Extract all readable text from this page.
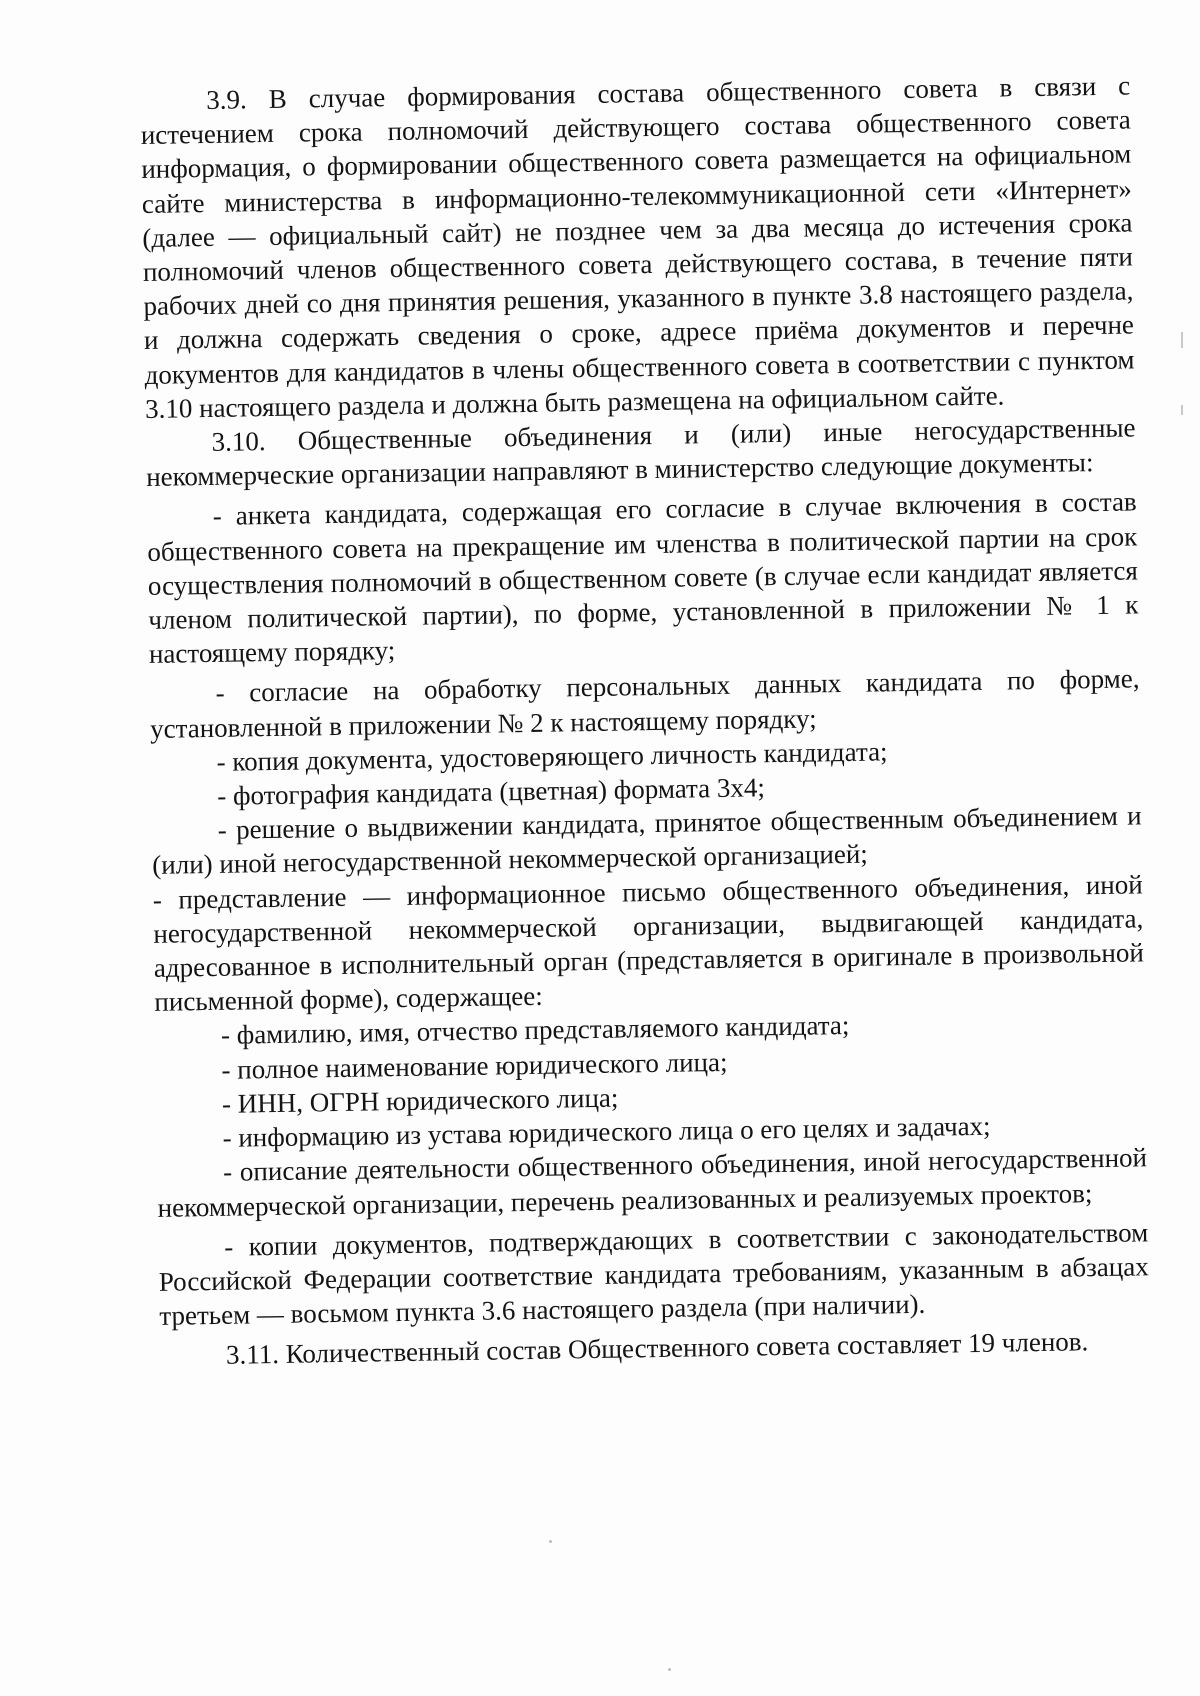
3.9. В случае формирования состава общественного совета в связи с истечением срока полномочий действующего состава общественного совета информация, о формировании общественного совета размещается на официальном сайте министерства в информационно-телекоммуникационной сети «Интернет» (далее — официальный сайт) не позднее чем за два месяца до истечения срока полномочий членов общественного совета действующего состава, в течение пяти рабочих дней со дня принятия решения, указанного в пункте 3.8 настоящего раздела, и должна содержать сведения о сроке, адресе приёма документов и перечне документов для кандидатов в члены общественного совета в соответствии с пунктом 3.10 настоящего раздела и должна быть размещена на официальном сайте.

3.10. Общественные объединения и (или) иные негосударственные некоммерческие организации направляют в министерство следующие документы:

- анкета кандидата, содержащая его согласие в случае включения в состав общественного совета на прекращение им членства в политической партии на срок осуществления полномочий в общественном совете (в случае если кандидат является членом политической партии), по форме, установленной в приложении № 1 к настоящему порядку;

- согласие на обработку персональных данных кандидата по форме, установленной в приложении № 2 к настоящему порядку;

- копия документа, удостоверяющего личность кандидата;

- фотография кандидата (цветная) формата 3х4;

- решение о выдвижении кандидата, принятое общественным объединением и (или) иной негосударственной некоммерческой организацией;

- представление — информационное письмо общественного объединения, иной негосударственной некоммерческой организации, выдвигающей кандидата, адресованное в исполнительный орган (представляется в оригинале в произвольной письменной форме), содержащее:

- фамилию, имя, отчество представляемого кандидата;

- полное наименование юридического лица;

- ИНН, ОГРН юридического лица;

- информацию из устава юридического лица о его целях и задачах;

- описание деятельности общественного объединения, иной негосударственной некоммерческой организации, перечень реализованных и реализуемых проектов;

- копии документов, подтверждающих в соответствии с законодательством Российской Федерации соответствие кандидата требованиям, указанным в абзацах третьем — восьмом пункта 3.6 настоящего раздела (при наличии).

3.11. Количественный состав Общественного совета составляет 19 членов.
